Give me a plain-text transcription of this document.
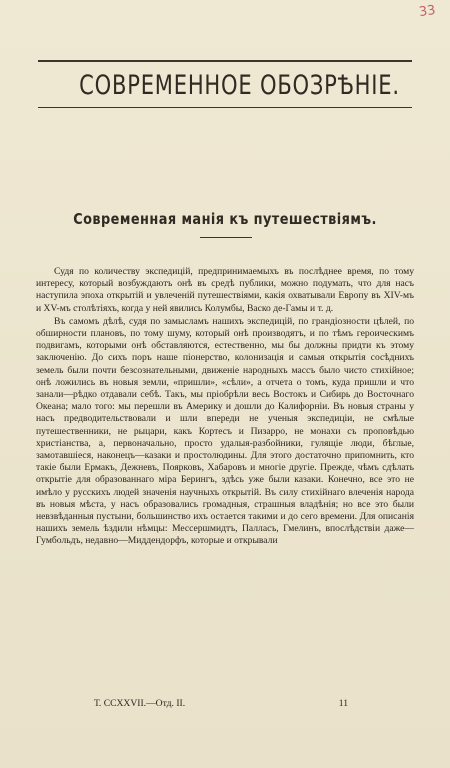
33
СОВРЕМЕННОЕ ОБОЗРѢНІЕ.
Современная манія къ путешествіямъ.

Судя по количеству экспедицій, предпринимаемыхъ въ послѣднее время, по тому интересу, который возбуждаютъ онѣ въ средѣ публики, можно подумать, что для насъ наступила эпоха открытій и увлеченій путешествіями, какія охватывали Европу въ XIV-мъ и XV-мъ столѣтіяхъ, когда у ней явились Колумбы, Васко де-Гамы и т. д.

Въ самомъ дѣлѣ, судя по замысламъ нашихъ экспедицій, по грандіозности цѣлей, по обширности плановъ, по тому шуму, который онѣ производятъ, и по тѣмъ героическимъ подвигамъ, которыми онѣ обставляются, естественно, мы бы должны придти къ этому заключенію. До сихъ поръ наше піонерство, колонизація и самыя открытія сосѣднихъ земель были почти безсознательными, движеніе народныхъ массъ было чисто стихійное; онѣ ложились въ новыя земли, «пришли», «сѣли», а отчета о томъ, куда пришли и что занали—рѣдко отдавали себѣ. Такъ, мы пріобрѣли весь Востокъ и Сибирь до Восточнаго Океана; мало того: мы перешли въ Америку и дошли до Калифорніи. Въ новыя страны у насъ предводительствовали и шли впереди не ученыя экспедиціи, не смѣлые путешественники, не рыцари, какъ Кортесъ и Пизарро, не монахи съ проповѣдью христіанства, а, первоначально, просто удалыя-разбойники, гулящіе люди, бѣглые, замотавшіеся, наконецъ—казаки и простолюдины. Для этого достаточно припомнить, кто такіе были Ермакъ, Дежневъ, Поярковъ, Хабаровъ и многіе другіе. Прежде, чѣмъ сдѣлать открытіе для образованнаго міра Берингъ, здѣсь уже были казаки. Конечно, все это не имѣло у русскихъ людей значенія научныхъ открытій. Въ силу стихійнаго влеченія народа въ новыя мѣста, у насъ образовались громадныя, страшныя владѣнія; но все это были невзвѣданныя пустыни, большинство ихъ остается такими и до сего времени. Для описанія нашихъ земель ѣздили нѣмцы: Мессершмидтъ, Палласъ, Гмелинъ, впослѣдствіи даже—Гумбольдъ, недавно—Миддендорфъ, которые и открывали

Т. CCXXVII.—Отд. II.	11
